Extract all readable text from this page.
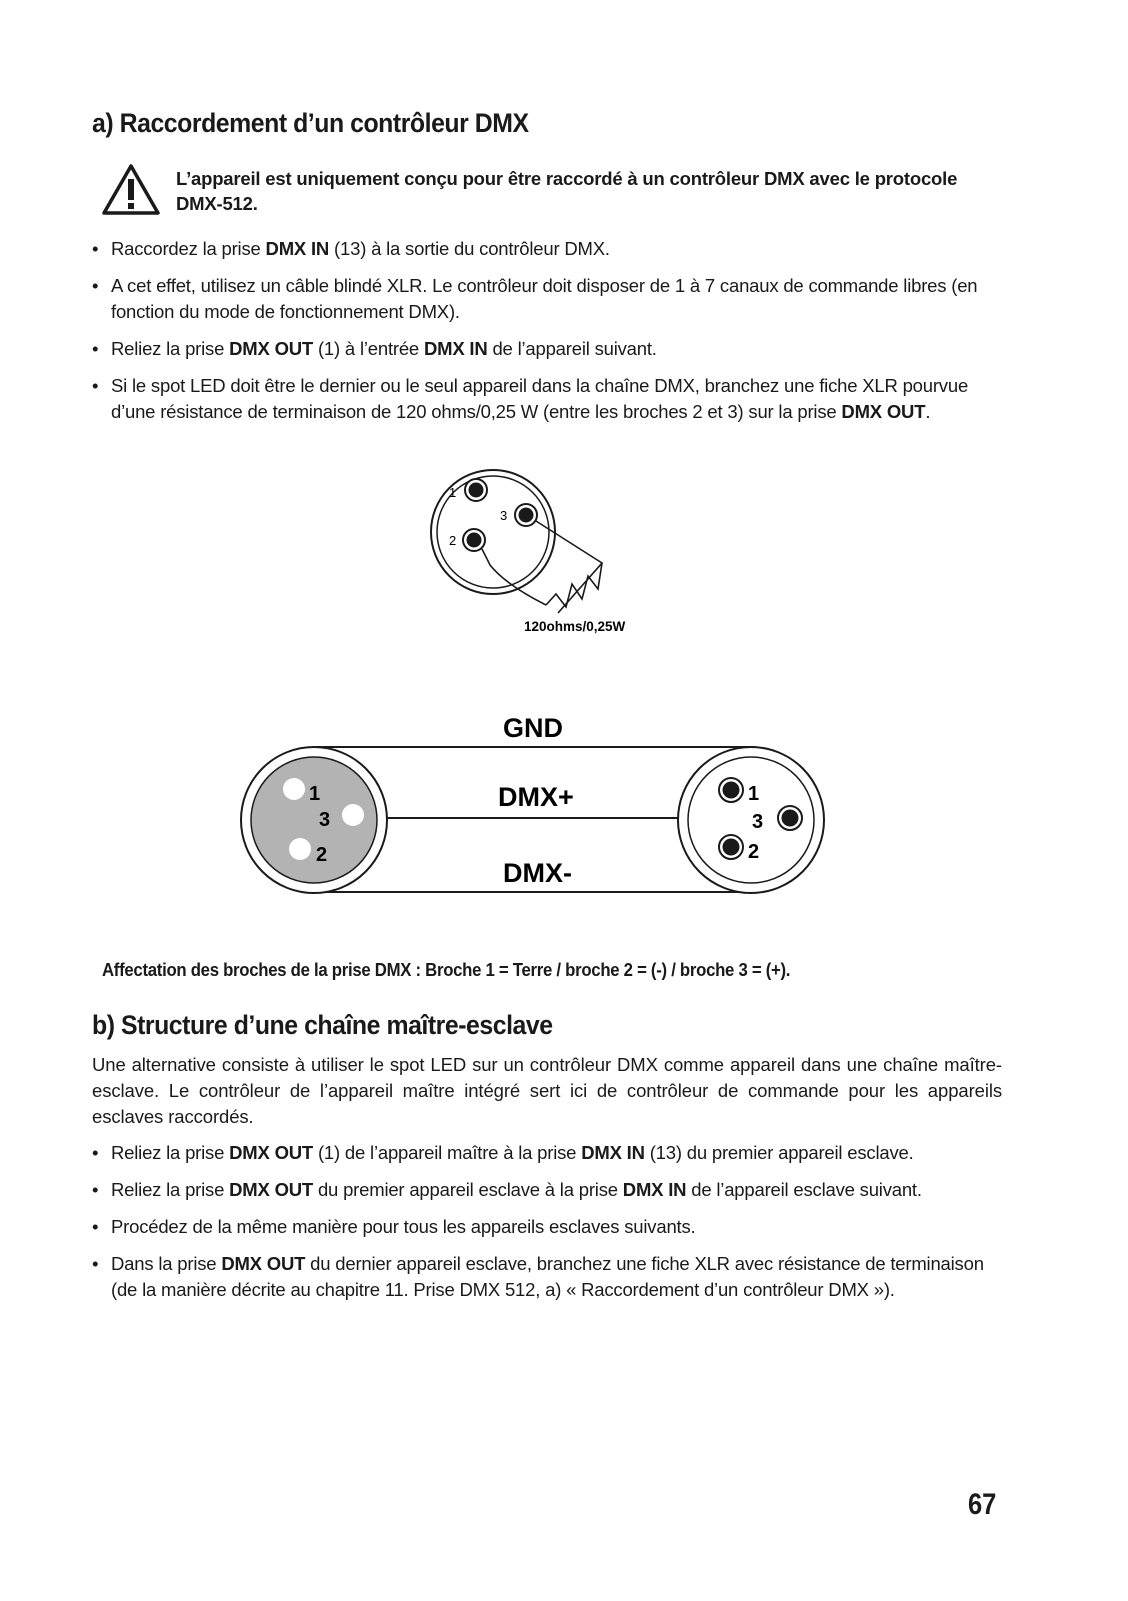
a) Raccordement d’un contrôleur DMX
L’appareil est uniquement conçu pour être raccordé à un contrôleur DMX avec le protocole DMX-512.
• Raccordez la prise DMX IN (13) à la sortie du contrôleur DMX.
• A cet effet, utilisez un câble blindé XLR. Le contrôleur doit disposer de 1 à 7 canaux de commande libres (en fonction du mode de fonctionnement DMX).
• Reliez la prise DMX OUT (1) à l’entrée DMX IN de l’appareil suivant.
• Si le spot LED doit être le dernier ou le seul appareil dans la chaîne DMX, branchez une fiche XLR pourvue d’une résistance de terminaison de 120 ohms/0,25 W (entre les broches 2 et 3) sur la prise DMX OUT.
1
3
2
120ohms/0,25W
1
3
2
1
3
2
GND
DMX+
DMX-
Affectation des broches de la prise DMX : Broche 1 = Terre / broche 2 = (-) / broche 3 = (+).
b) Structure d’une chaîne maître-esclave

Une alternative consiste à utiliser le spot LED sur un contrôleur DMX comme appareil dans une chaîne maître-esclave. Le contrôleur de l’appareil maître intégré sert ici de contrôleur de commande pour les appareils esclaves raccordés.

• Reliez la prise DMX OUT (1) de l’appareil maître à la prise DMX IN (13) du premier appareil esclave.
• Reliez la prise DMX OUT du premier appareil esclave à la prise DMX IN de l’appareil esclave suivant.
• Procédez de la même manière pour tous les appareils esclaves suivants.
• Dans la prise DMX OUT du dernier appareil esclave, branchez une fiche XLR avec résistance de terminaison (de la manière décrite au chapitre 11. Prise DMX 512, a) « Raccordement d’un contrôleur DMX »).
67
